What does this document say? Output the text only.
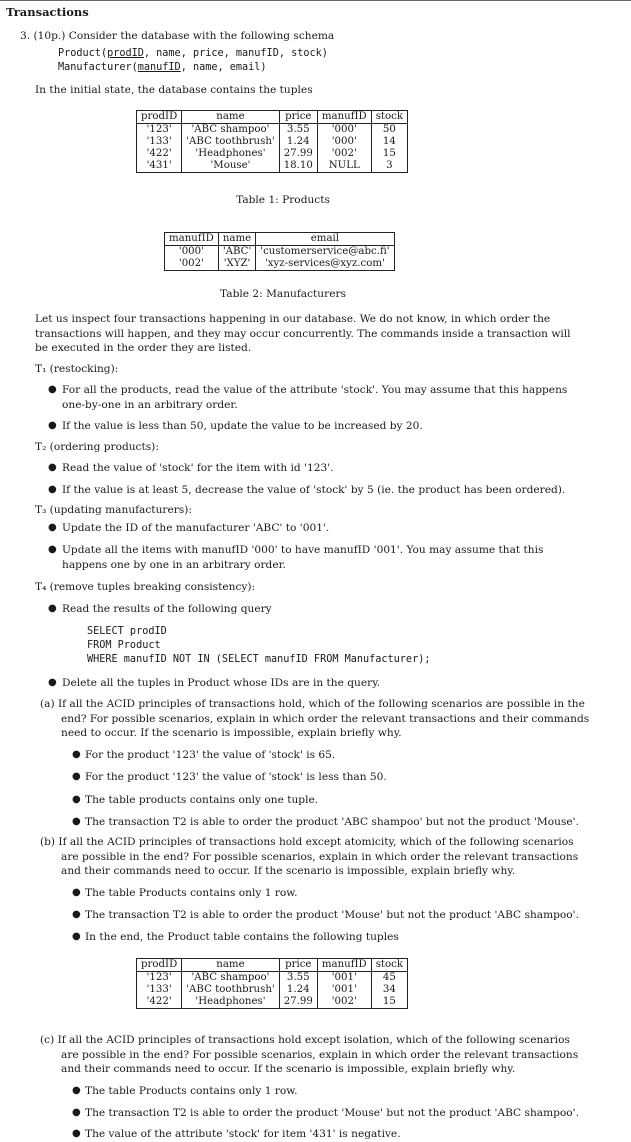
Transactions
3. (10p.) Consider the database with the following schema
Product(prodID, name, price, manufID, stock)
Manufacturer(manufID, name, email)
In the initial state, the database contains the tuples
prodID	name	price	manufID	stock
'123'	'ABC shampoo'	3.55	'000'	50
'133'	'ABC toothbrush'	1.24	'000'	14
'422'	'Headphones'	27.99	'002'	15
'431'	'Mouse'	18.10	NULL	3
Table 1: Products
manufID	name	email
'000'	'ABC'	'customerservice@abc.fi'
'002'	'XYZ'	'xyz-services@xyz.com'
Table 2: Manufacturers
Let us inspect four transactions happening in our database. We do not know, in which order the
transactions will happen, and they may occur concurrently. The commands inside a transaction will
be executed in the order they are listed.
T₁ (restocking):
● For all the products, read the value of the attribute 'stock'. You may assume that this happens
one-by-one in an arbitrary order.
● If the value is less than 50, update the value to be increased by 20.
T₂ (ordering products):
● Read the value of 'stock' for the item with id '123'.
● If the value is at least 5, decrease the value of 'stock' by 5 (ie. the product has been ordered).
T₃ (updating manufacturers):
● Update the ID of the manufacturer 'ABC' to '001'.
● Update all the items with manufID '000' to have manufID '001'. You may assume that this
happens one by one in an arbitrary order.
T₄ (remove tuples breaking consistency):
● Read the results of the following query
SELECT prodID
FROM Product
WHERE manufID NOT IN (SELECT manufID FROM Manufacturer);
● Delete all the tuples in Product whose IDs are in the query.
(a) If all the ACID principles of transactions hold, which of the following scenarios are possible in the
end? For possible scenarios, explain in which order the relevant transactions and their commands
need to occur. If the scenario is impossible, explain briefly why.
● For the product '123' the value of 'stock' is 65.
● For the product '123' the value of 'stock' is less than 50.
● The table products contains only one tuple.
● The transaction T2 is able to order the product 'ABC shampoo' but not the product 'Mouse'.
(b) If all the ACID principles of transactions hold except atomicity, which of the following scenarios
are possible in the end? For possible scenarios, explain in which order the relevant transactions
and their commands need to occur. If the scenario is impossible, explain briefly why.
● The table Products contains only 1 row.
● The transaction T2 is able to order the product 'Mouse' but not the product 'ABC shampoo'.
● In the end, the Product table contains the following tuples
prodID	name	price	manufID	stock
'123'	'ABC shampoo'	3.55	'001'	45
'133'	'ABC toothbrush'	1.24	'001'	34
'422'	'Headphones'	27.99	'002'	15
(c) If all the ACID principles of transactions hold except isolation, which of the following scenarios
are possible in the end? For possible scenarios, explain in which order the relevant transactions
and their commands need to occur. If the scenario is impossible, explain briefly why.
● The table Products contains only 1 row.
● The transaction T2 is able to order the product 'Mouse' but not the product 'ABC shampoo'.
● The value of the attribute 'stock' for item '431' is negative.
